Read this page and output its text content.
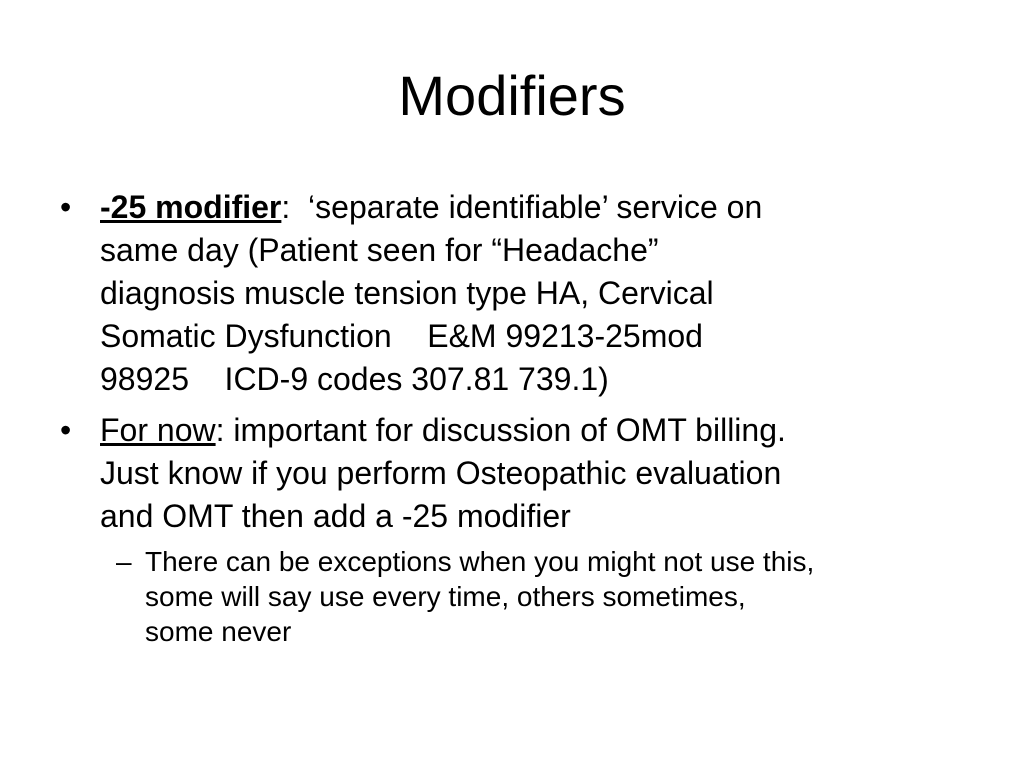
Modifiers
• -25 modifier:  ‘separate identifiable’ service on
same day (Patient seen for “Headache”
diagnosis muscle tension type HA, Cervical
Somatic Dysfunction    E&M 99213-25mod
98925    ICD-9 codes 307.81 739.1)
• For now: important for discussion of OMT billing.
Just know if you perform Osteopathic evaluation
and OMT then add a -25 modifier
– There can be exceptions when you might not use this,
some will say use every time, others sometimes,
some never
